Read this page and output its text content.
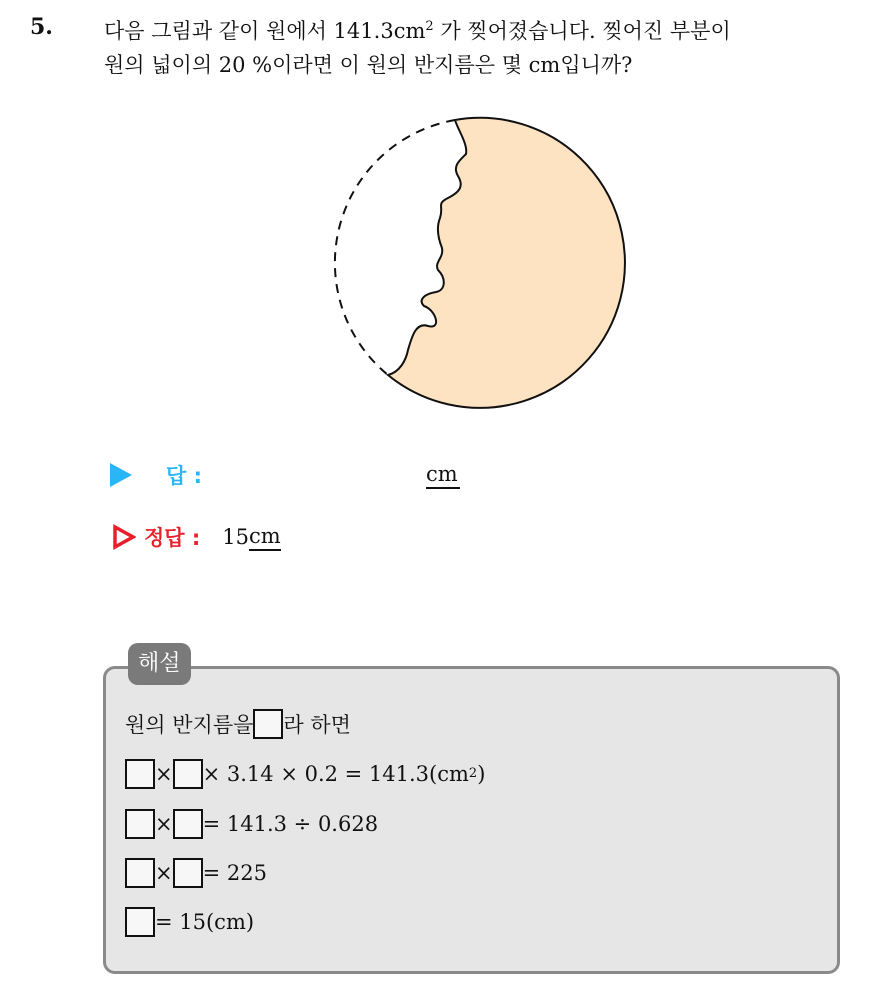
5. 다음 그림과 같이 원에서 $141.3cm^2$ 가 찢어졌습니다. 찢어진 부분이
원의 넓이의 20 %이라면 이 원의 반지름은 몇 cm입니까?
답 :	cm
정답 : 15 cm
해설
원의 반지름을 라 하면
× × 3.14 × 0.2 = 141.3(cm 2 )
× = 141.3 ÷ 0.628
× = 225
= 15(cm)
